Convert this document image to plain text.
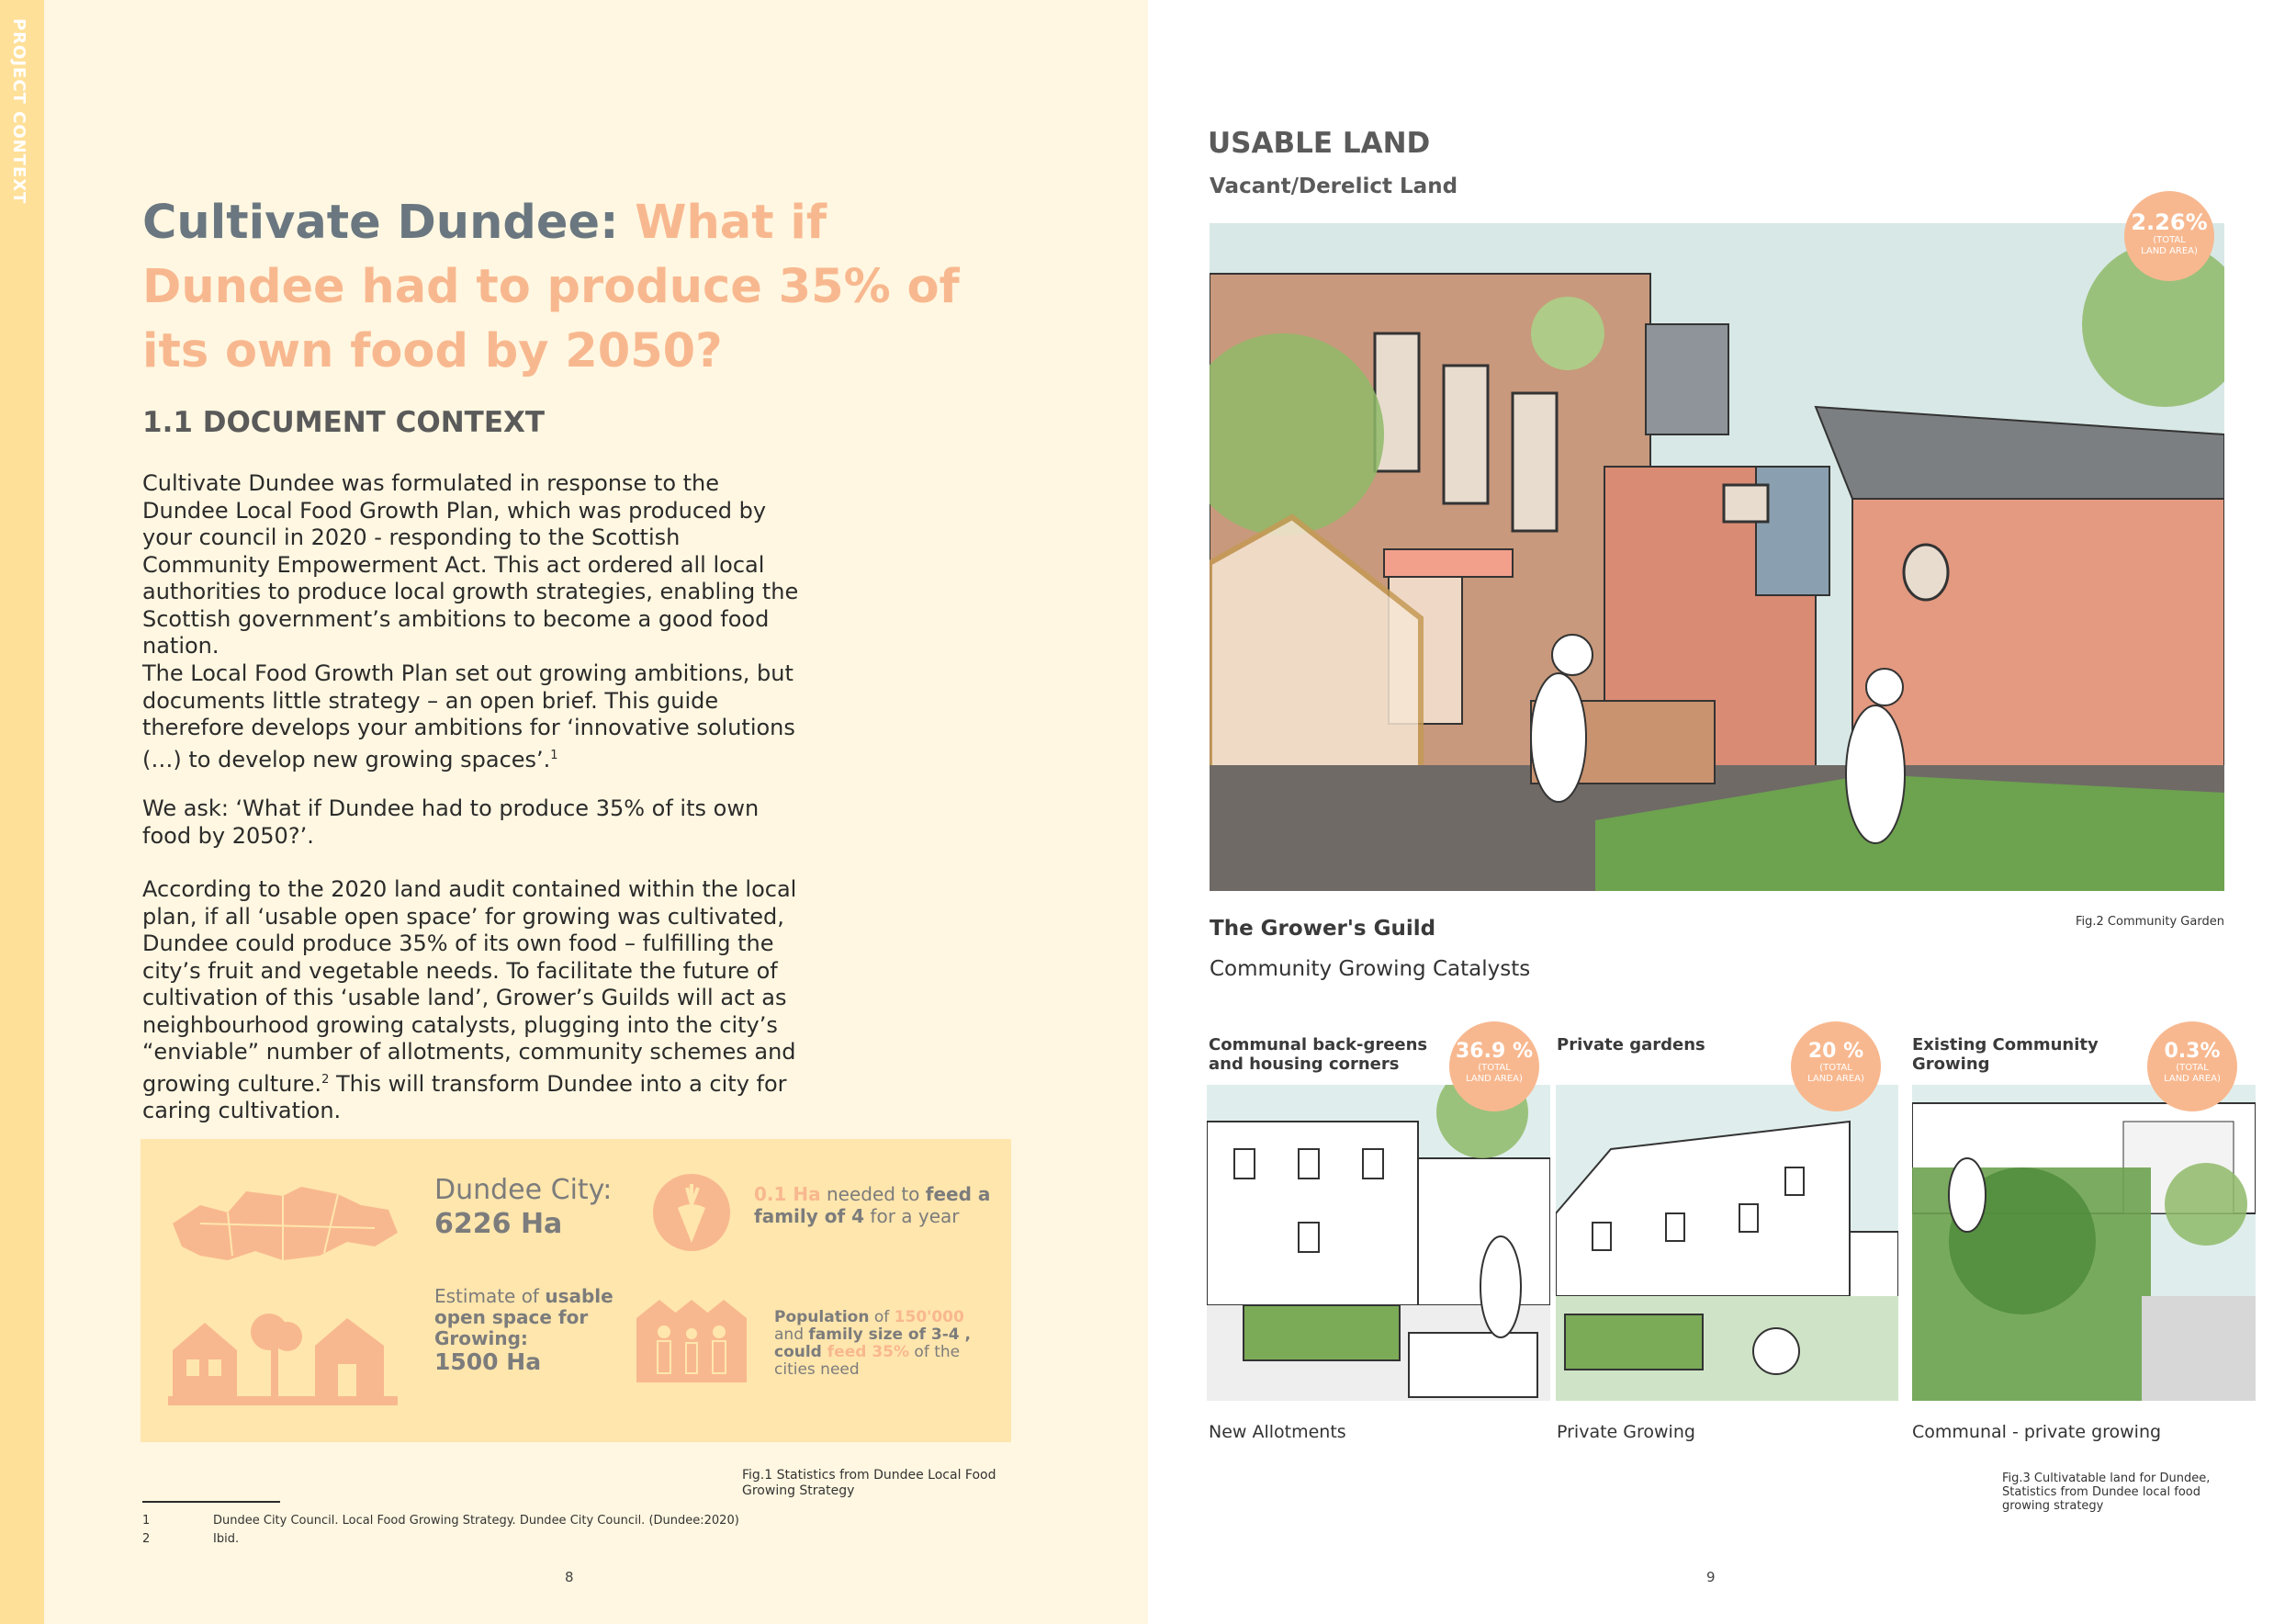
PROJECT CONTEXT
Cultivate Dundee: What if Dundee had to produce 35% of its own food by 2050?
1.1 DOCUMENT CONTEXT
Cultivate Dundee was formulated in response to the Dundee Local Food Growth Plan, which was produced by your council in 2020 - responding to the Scottish Community Empowerment Act. This act ordered all local authorities to produce local growth strategies, enabling the Scottish government’s ambitions to become a good food nation.
The Local Food Growth Plan set out growing ambitions, but documents little strategy – an open brief. This guide therefore develops your ambitions for ‘innovative solutions (…) to develop new growing spaces’.$^1$
We ask: ‘What if Dundee had to produce 35% of its own food by 2050?’.
According to the 2020 land audit contained within the local plan, if all ‘usable open space’ for growing was cultivated, Dundee could produce 35% of its own food – fulfilling the city’s fruit and vegetable needs. To facilitate the future of cultivation of this ‘usable land’, Grower’s Guilds will act as neighbourhood growing catalysts, plugging into the city’s “enviable” number of allotments, community schemes and growing culture.$^2$ This will transform Dundee into a city for caring cultivation.
Dundee City:
6226 Ha
0.1 Ha needed to feed a family of 4 for a year
Estimate of usable open space for Growing:
1500 Ha
Population of 150'000
and family size of 3-4 ,
could feed 35% of the cities need
Fig.1 Statistics from Dundee Local Food Growing Strategy
1	Dundee City Council. Local Food Growing Strategy. Dundee City Council. (Dundee:2020)
2	Ibid.
8
USABLE LAND
Vacant/Derelict Land
2.26%
(TOTAL LAND AREA)
The Grower's Guild
Community Growing Catalysts
Fig.2 Community Garden
Communal back-greens and housing corners
36.9 %
(TOTAL LAND AREA)
New Allotments
Private gardens	20 %
(TOTAL LAND AREA)
Private Growing
Existing Community Growing
0.3%
(TOTAL LAND AREA)
Communal - private growing
Fig.3 Cultivatable land for Dundee, Statistics from Dundee local food growing strategy
9
